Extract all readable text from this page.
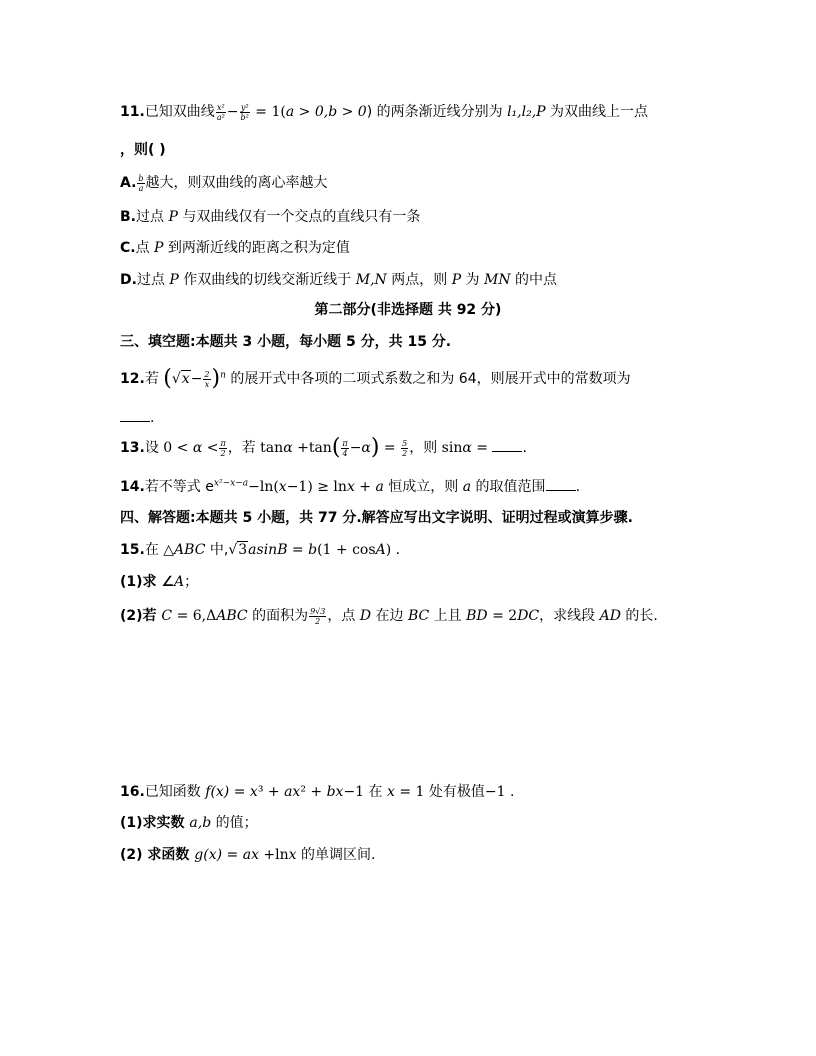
11.已知双曲线 $\frac{\text{x²}}{\text{a²}} - \frac{\text{y²}}{\text{b²}} = 1(a > 0,b > 0)$ 的两条渐近线分别为 l₁,l₂,P 为双曲线上一点
，则( )
A. $\frac{b}{a}$ 越大，则双曲线的离心率越大
B.过点 P 与双曲线仅有一个交点的直线只有一条
C.点 P 到两渐近线的距离之积为定值
D.过点 P 作双曲线的切线交渐近线于 M,N 两点，则 P 为 MN 的中点
第二部分(非选择题 共 92 分)
三、填空题:本题共 3 小题，每小题 5 分，共 15 分.
12.若 $(√x- \frac{2}{x} )^n$ 的展开式中各项的二项式系数之和为 64，则展开式中的常数项为
.
13.设 $0 < \alpha < \frac{\pi}{2}$ ，若 $\tan\alpha +\tan( \frac{\pi}{4} -\alpha) = \frac{5}{2}$ ，则 sinα = .
14.若不等式 $e^{x^2-x-a}-\ln(x-1) \ge \ln x + a$ 恒成立，则 a 的取值范围 .
四、解答题:本题共 5 小题，共 77 分.解答应写出文字说明、证明过程或演算步骤.
15.在 △ABC 中,√3asinB = b(1 + cosA) .
(1)求 ∠A；
(2)若 C = 6,ΔABC 的面积为 $\frac{9√3}{2}$ ，点 D 在边 BC 上且 BD = 2DC，求线段 AD 的长.
16.已知函数 f(x) = x³ + ax² + bx−1 在 x = 1 处有极值−1 .
(1)求实数 a,b 的值；
(2) 求函数 g(x) = ax +lnx 的单调区间.
